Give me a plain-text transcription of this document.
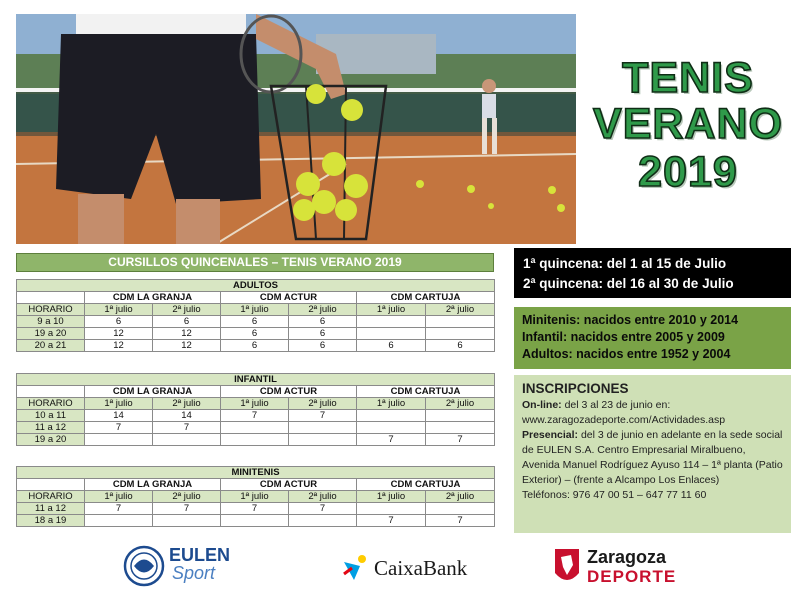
TENIS
VERANO
2019
CURSILLOS QUINCENALES – TENIS VERANO 2019
ADULTOS						
	CDM LA GRANJA		CDM ACTUR		CDM CARTUJA	
HORARIO	1ª julio	2ª julio	1ª julio	2ª julio	1ª julio	2ª julio
9 a 10	6	6	6	6		
19 a 20	12	12	6	6		
20 a 21	12	12	6	6	6	6
INFANTIL						
	CDM LA GRANJA		CDM ACTUR		CDM CARTUJA	
HORARIO	1ª julio	2ª julio	1ª julio	2ª julio	1ª julio	2ª julio
10 a 11	14	14	7	7		
11 a 12	7	7				
19 a 20					7	7
MINITENIS						
	CDM LA GRANJA		CDM ACTUR		CDM CARTUJA	
HORARIO	1ª julio	2ª julio	1ª julio	2ª julio	1ª julio	2ª julio
11 a 12	7	7	7	7		
18 a 19					7	7
1ª quincena: del 1 al 15 de Julio
2ª quincena: del 16 al 30 de Julio
Minitenis: nacidos entre 2010 y 2014
Infantil: nacidos entre 2005 y 2009
Adultos: nacidos entre 1952 y 2004
INSCRIPCIONES
On-line: del 3 al 23 de junio en:
www.zaragozadeporte.com/Actividades.asp
Presencial: del 3 de junio en adelante en la sede social de EULEN S.A. Centro Empresarial Miralbueno, Avenida Manuel Rodríguez Ayuso 114 – 1ª planta (Patio Exterior) – (frente a Alcampo Los Enlaces)
Teléfonos: 976 47 00 51 – 647 77 11 60
EULEN
Sport	CaixaBank	Zaragoza
DEPORTE
